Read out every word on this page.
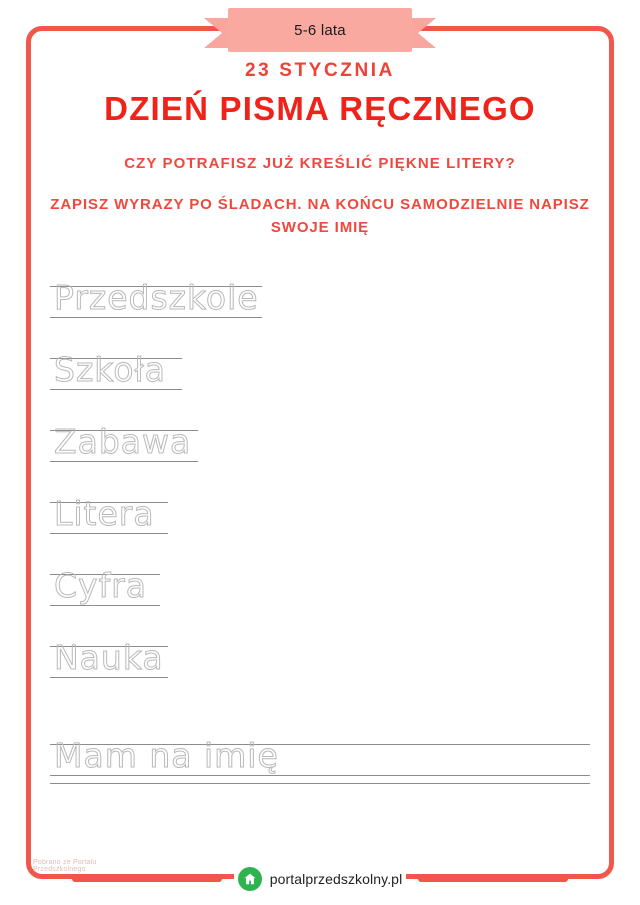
5-6 lata
23 STYCZNIA
DZIEŃ PISMA RĘCZNEGO
CZY POTRAFISZ JUŻ KREŚLIĆ PIĘKNE LITERY?
ZAPISZ WYRAZY PO ŚLADACH. NA KOŃCU SAMODZIELNIE NAPISZ SWOJE IMIĘ
Przedszkole
Szkoła
Zabawa
Litera
Cyfra
Nauka
Mam na imię
Pobrano ze Portalu Przedszkolnego
portalprzedszkolny.pl
